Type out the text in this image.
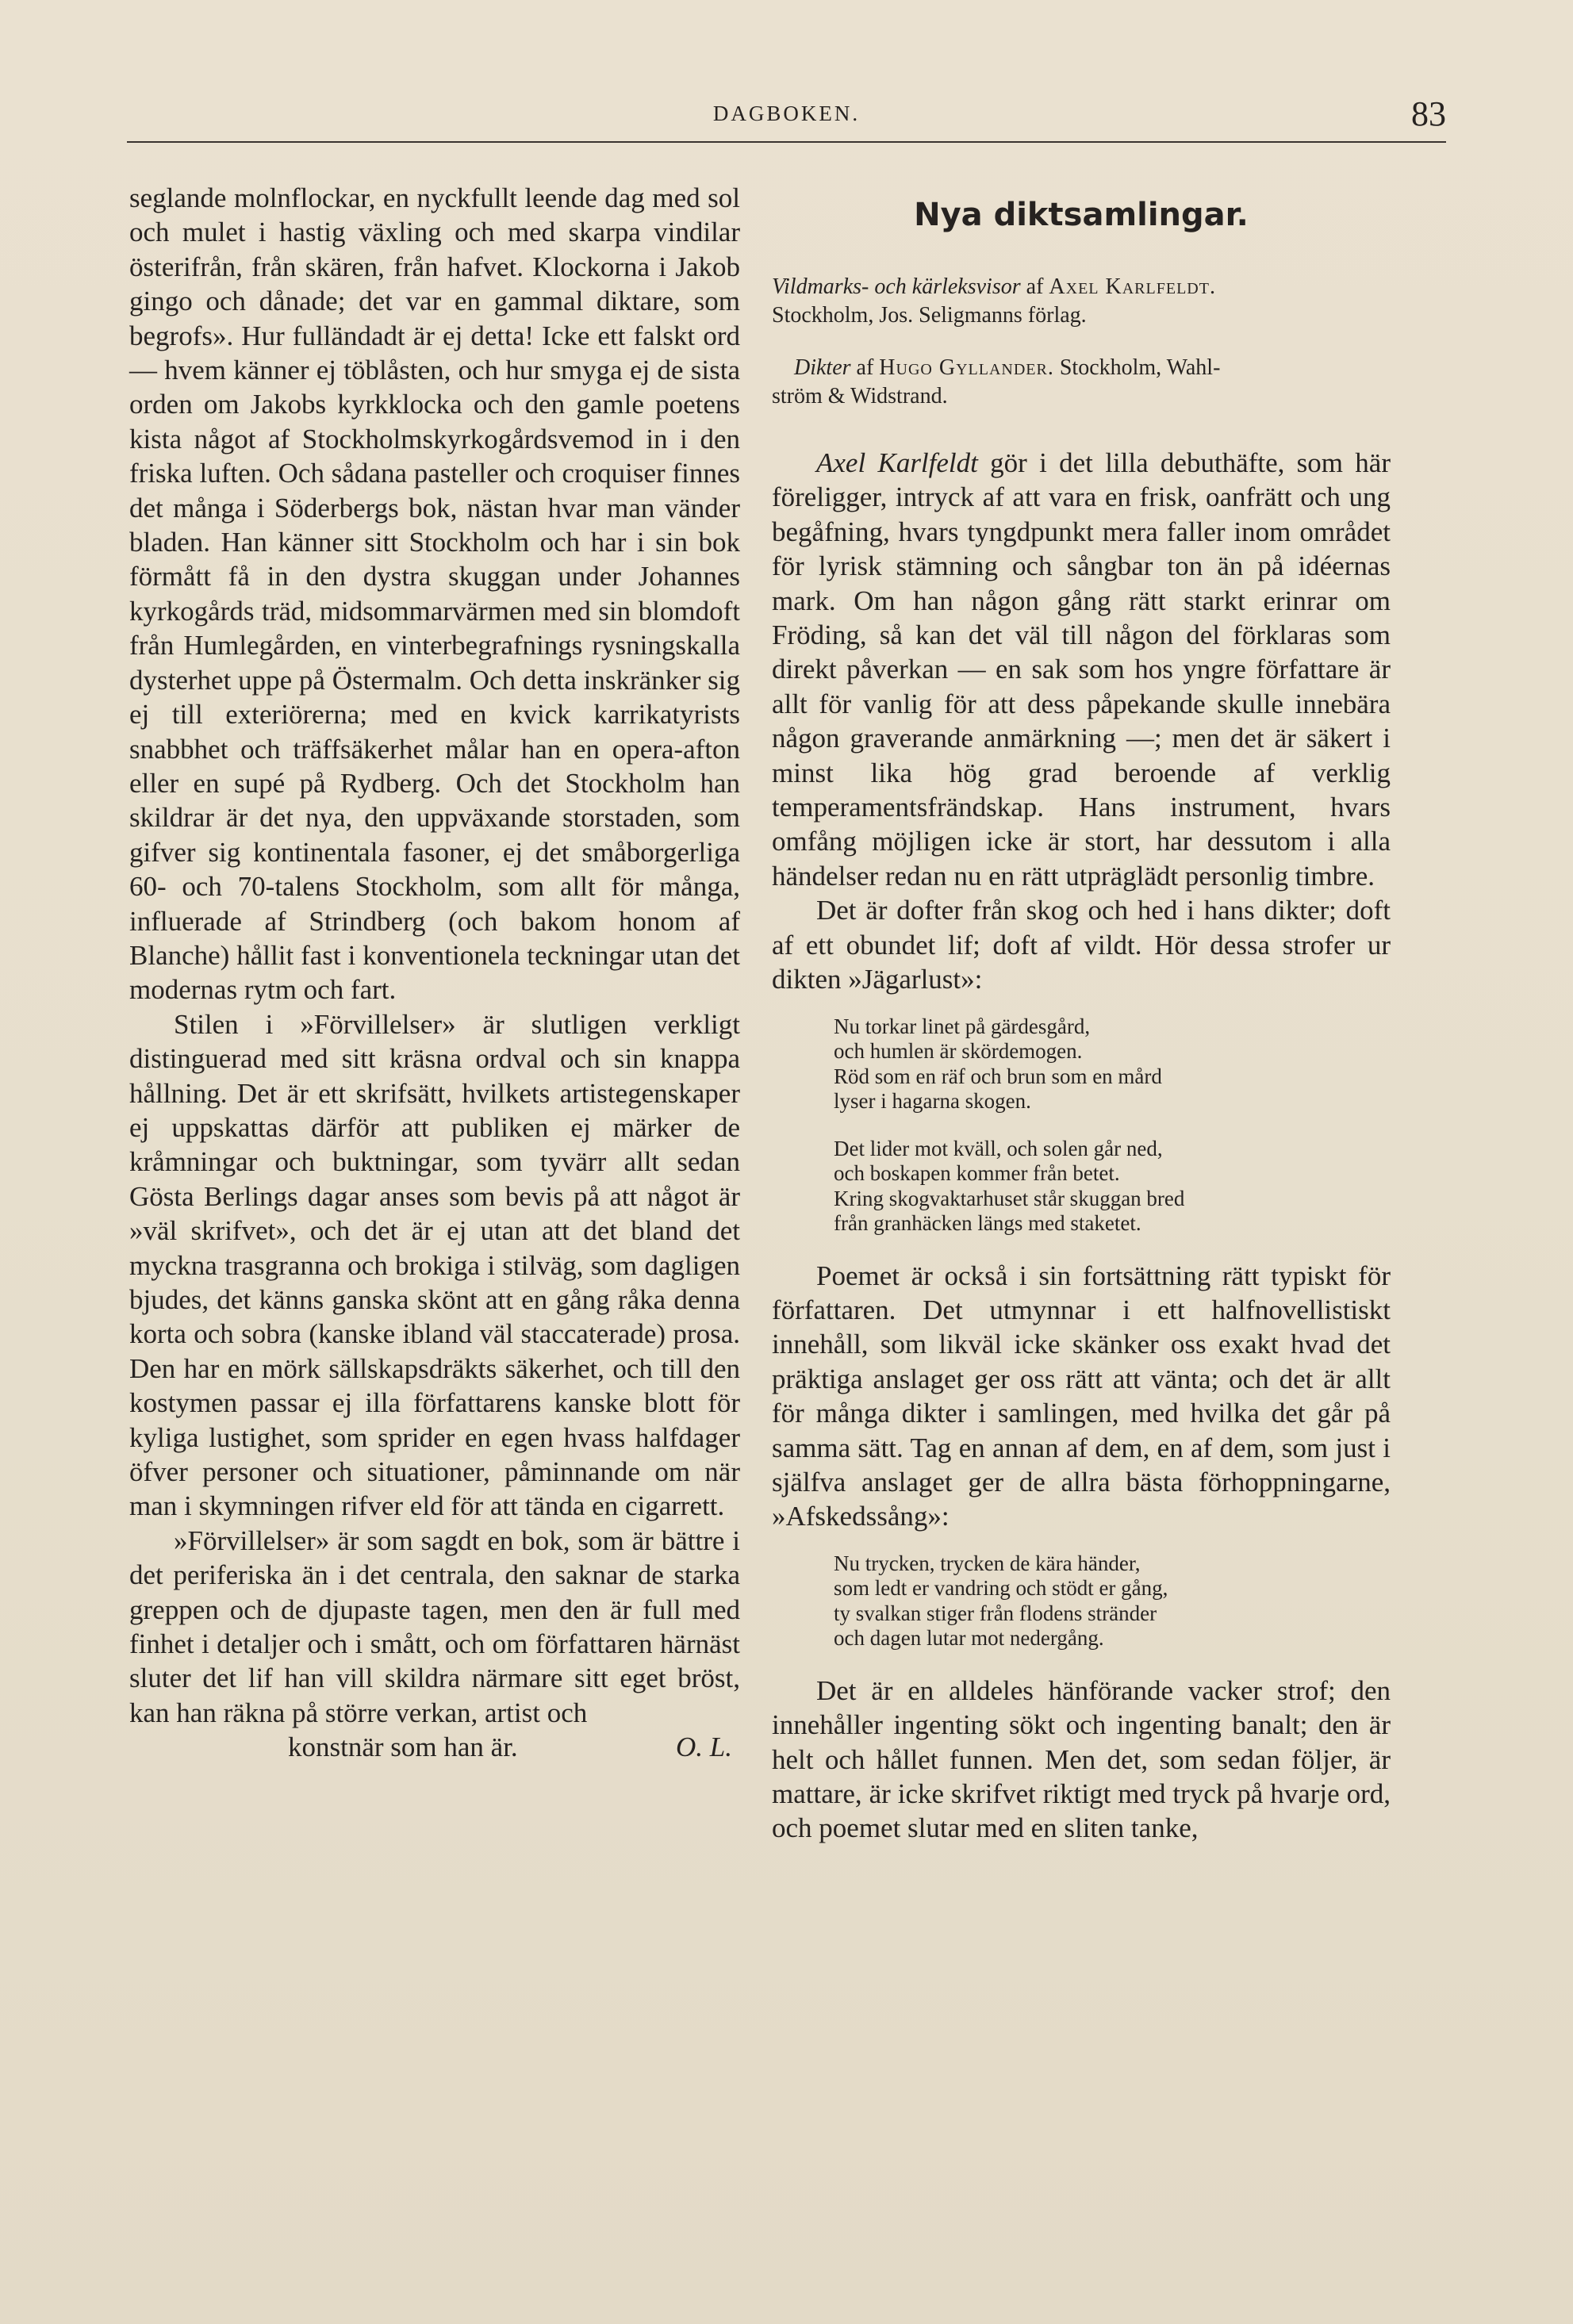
DAGBOKEN.	83

seglande molnflockar, en nyckfullt leende dag med sol och mulet i hastig växling och med skarpa vindilar österifrån, från skären, från hafvet. Klockorna i Jakob gingo och dånade; det var en gammal diktare, som begrofs». Hur fulländadt är ej detta! Icke ett falskt ord — hvem känner ej töblåsten, och hur smyga ej de sista orden om Jakobs kyrkklocka och den gamle poetens kista något af Stockholmskyrkogårdsvemod in i den friska luften. Och sådana pasteller och croquiser finnes det många i Söderbergs bok, nästan hvar man vänder bladen. Han känner sitt Stockholm och har i sin bok förmått få in den dystra skuggan under Johannes kyrkogårds träd, midsommarvärmen med sin blomdoft från Humlegården, en vinterbegrafnings rysningskalla dysterhet uppe på Östermalm. Och detta inskränker sig ej till exteriörerna; med en kvick karrikatyrists snabbhet och träffsäkerhet målar han en opera-afton eller en supé på Rydberg. Och det Stockholm han skildrar är det nya, den uppväxande storstaden, som gifver sig kontinentala fasoner, ej det småborgerliga 60- och 70-talens Stockholm, som allt för många, influerade af Strindberg (och bakom honom af Blanche) hållit fast i konventionela teckningar utan det modernas rytm och fart.

Stilen i »Förvillelser» är slutligen verkligt distinguerad med sitt kräsna ordval och sin knappa hållning. Det är ett skrifsätt, hvilkets artistegenskaper ej uppskattas därför att publiken ej märker de kråmningar och buktningar, som tyvärr allt sedan Gösta Berlings dagar anses som bevis på att något är »väl skrifvet», och det är ej utan att det bland det myckna trasgranna och brokiga i stilväg, som dagligen bjudes, det känns ganska skönt att en gång råka denna korta och sobra (kanske ibland väl staccaterade) prosa. Den har en mörk sällskapsdräkts säkerhet, och till den kostymen passar ej illa författarens kanske blott för kyliga lustighet, som sprider en egen hvass halfdager öfver personer och situationer, påminnande om när man i skymningen rifver eld för att tända en cigarrett.

»Förvillelser» är som sagdt en bok, som är bättre i det periferiska än i det centrala, den saknar de starka greppen och de djupaste tagen, men den är full med finhet i detaljer och i smått, och om författaren härnäst sluter det lif han vill skildra närmare sitt eget bröst, kan han räkna på större verkan, artist och

konstnär som han är.	O. L.
Nya diktsamlingar.
Vildmarks- och kärleksvisor af Axel Karlfeldt.
Stockholm, Jos. Seligmanns förlag.
Dikter af Hugo Gyllander. Stockholm, Wahl-
ström & Widstrand.

Axel Karlfeldt gör i det lilla debuthäfte, som här föreligger, intryck af att vara en frisk, oanfrätt och ung begåfning, hvars tyngdpunkt mera faller inom området för lyrisk stämning och sångbar ton än på idéernas mark. Om han någon gång rätt starkt erinrar om Fröding, så kan det väl till någon del förklaras som direkt påverkan — en sak som hos yngre författare är allt för vanlig för att dess påpekande skulle innebära någon graverande anmärkning —; men det är säkert i minst lika hög grad beroende af verklig temperamentsfrändskap. Hans instrument, hvars omfång möjligen icke är stort, har dessutom i alla händelser redan nu en rätt utpräglädt personlig timbre.

Det är dofter från skog och hed i hans dikter; doft af ett obundet lif; doft af vildt. Hör dessa strofer ur dikten »Jägarlust»:

Nu torkar linet på gärdesgård,
och humlen är skördemogen.
Röd som en räf och brun som en mård
lyser i hagarna skogen.
Det lider mot kväll, och solen går ned,
och boskapen kommer från betet.
Kring skogvaktarhuset står skuggan bred
från granhäcken längs med staketet.

Poemet är också i sin fortsättning rätt typiskt för författaren. Det utmynnar i ett halfnovellistiskt innehåll, som likväl icke skänker oss exakt hvad det präktiga anslaget ger oss rätt att vänta; och det är allt för många dikter i samlingen, med hvilka det går på samma sätt. Tag en annan af dem, en af dem, som just i själfva anslaget ger de allra bästa förhoppningarne, »Afskedssång»:

Nu trycken, trycken de kära händer,
som ledt er vandring och stödt er gång,
ty svalkan stiger från flodens stränder
och dagen lutar mot nedergång.

Det är en alldeles hänförande vacker strof; den innehåller ingenting sökt och ingenting banalt; den är helt och hållet funnen. Men det, som sedan följer, är mattare, är icke skrifvet riktigt med tryck på hvarje ord, och poemet slutar med en sliten tanke,
